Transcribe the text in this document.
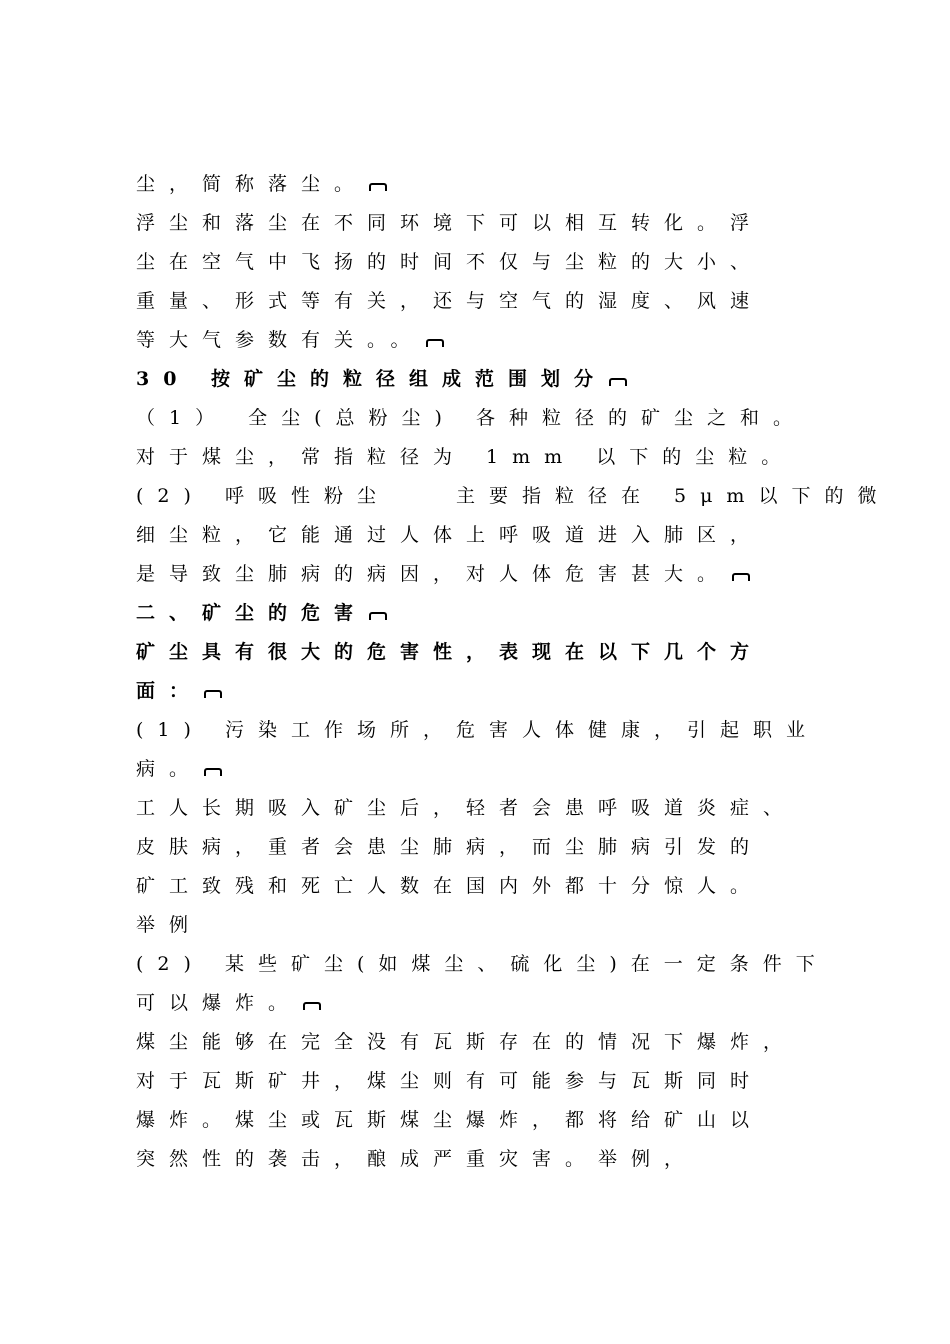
尘，简称落尘。
浮尘和落尘在不同环境下可以相互转化。浮
尘在空气中飞扬的时间不仅与尘粒的大小、
重量、形式等有关，还与空气的湿度、风速
等大气参数有关。。
30 按矿尘的粒径组成范围划分
（1） 全尘(总粉尘) 各种粒径的矿尘之和。
对于煤尘，常指粒径为 1mm 以下的尘粒。
(2) 呼吸性粉尘　　主要指粒径在 5μm以下的微
细尘粒，它能通过人体上呼吸道进入肺区，
是导致尘肺病的病因，对人体危害甚大。
二、矿尘的危害
矿尘具有很大的危害性，表现在以下几个方
面：
(1) 污染工作场所，危害人体健康，引起职业
病。
工人长期吸入矿尘后，轻者会患呼吸道炎症、
皮肤病，重者会患尘肺病，而尘肺病引发的
矿工致残和死亡人数在国内外都十分惊人。
举例
(2) 某些矿尘(如煤尘、硫化尘)在一定条件下
可以爆炸。
煤尘能够在完全没有瓦斯存在的情况下爆炸，
对于瓦斯矿井，煤尘则有可能参与瓦斯同时
爆炸。煤尘或瓦斯煤尘爆炸，都将给矿山以
突然性的袭击，酿成严重灾害。举例，
